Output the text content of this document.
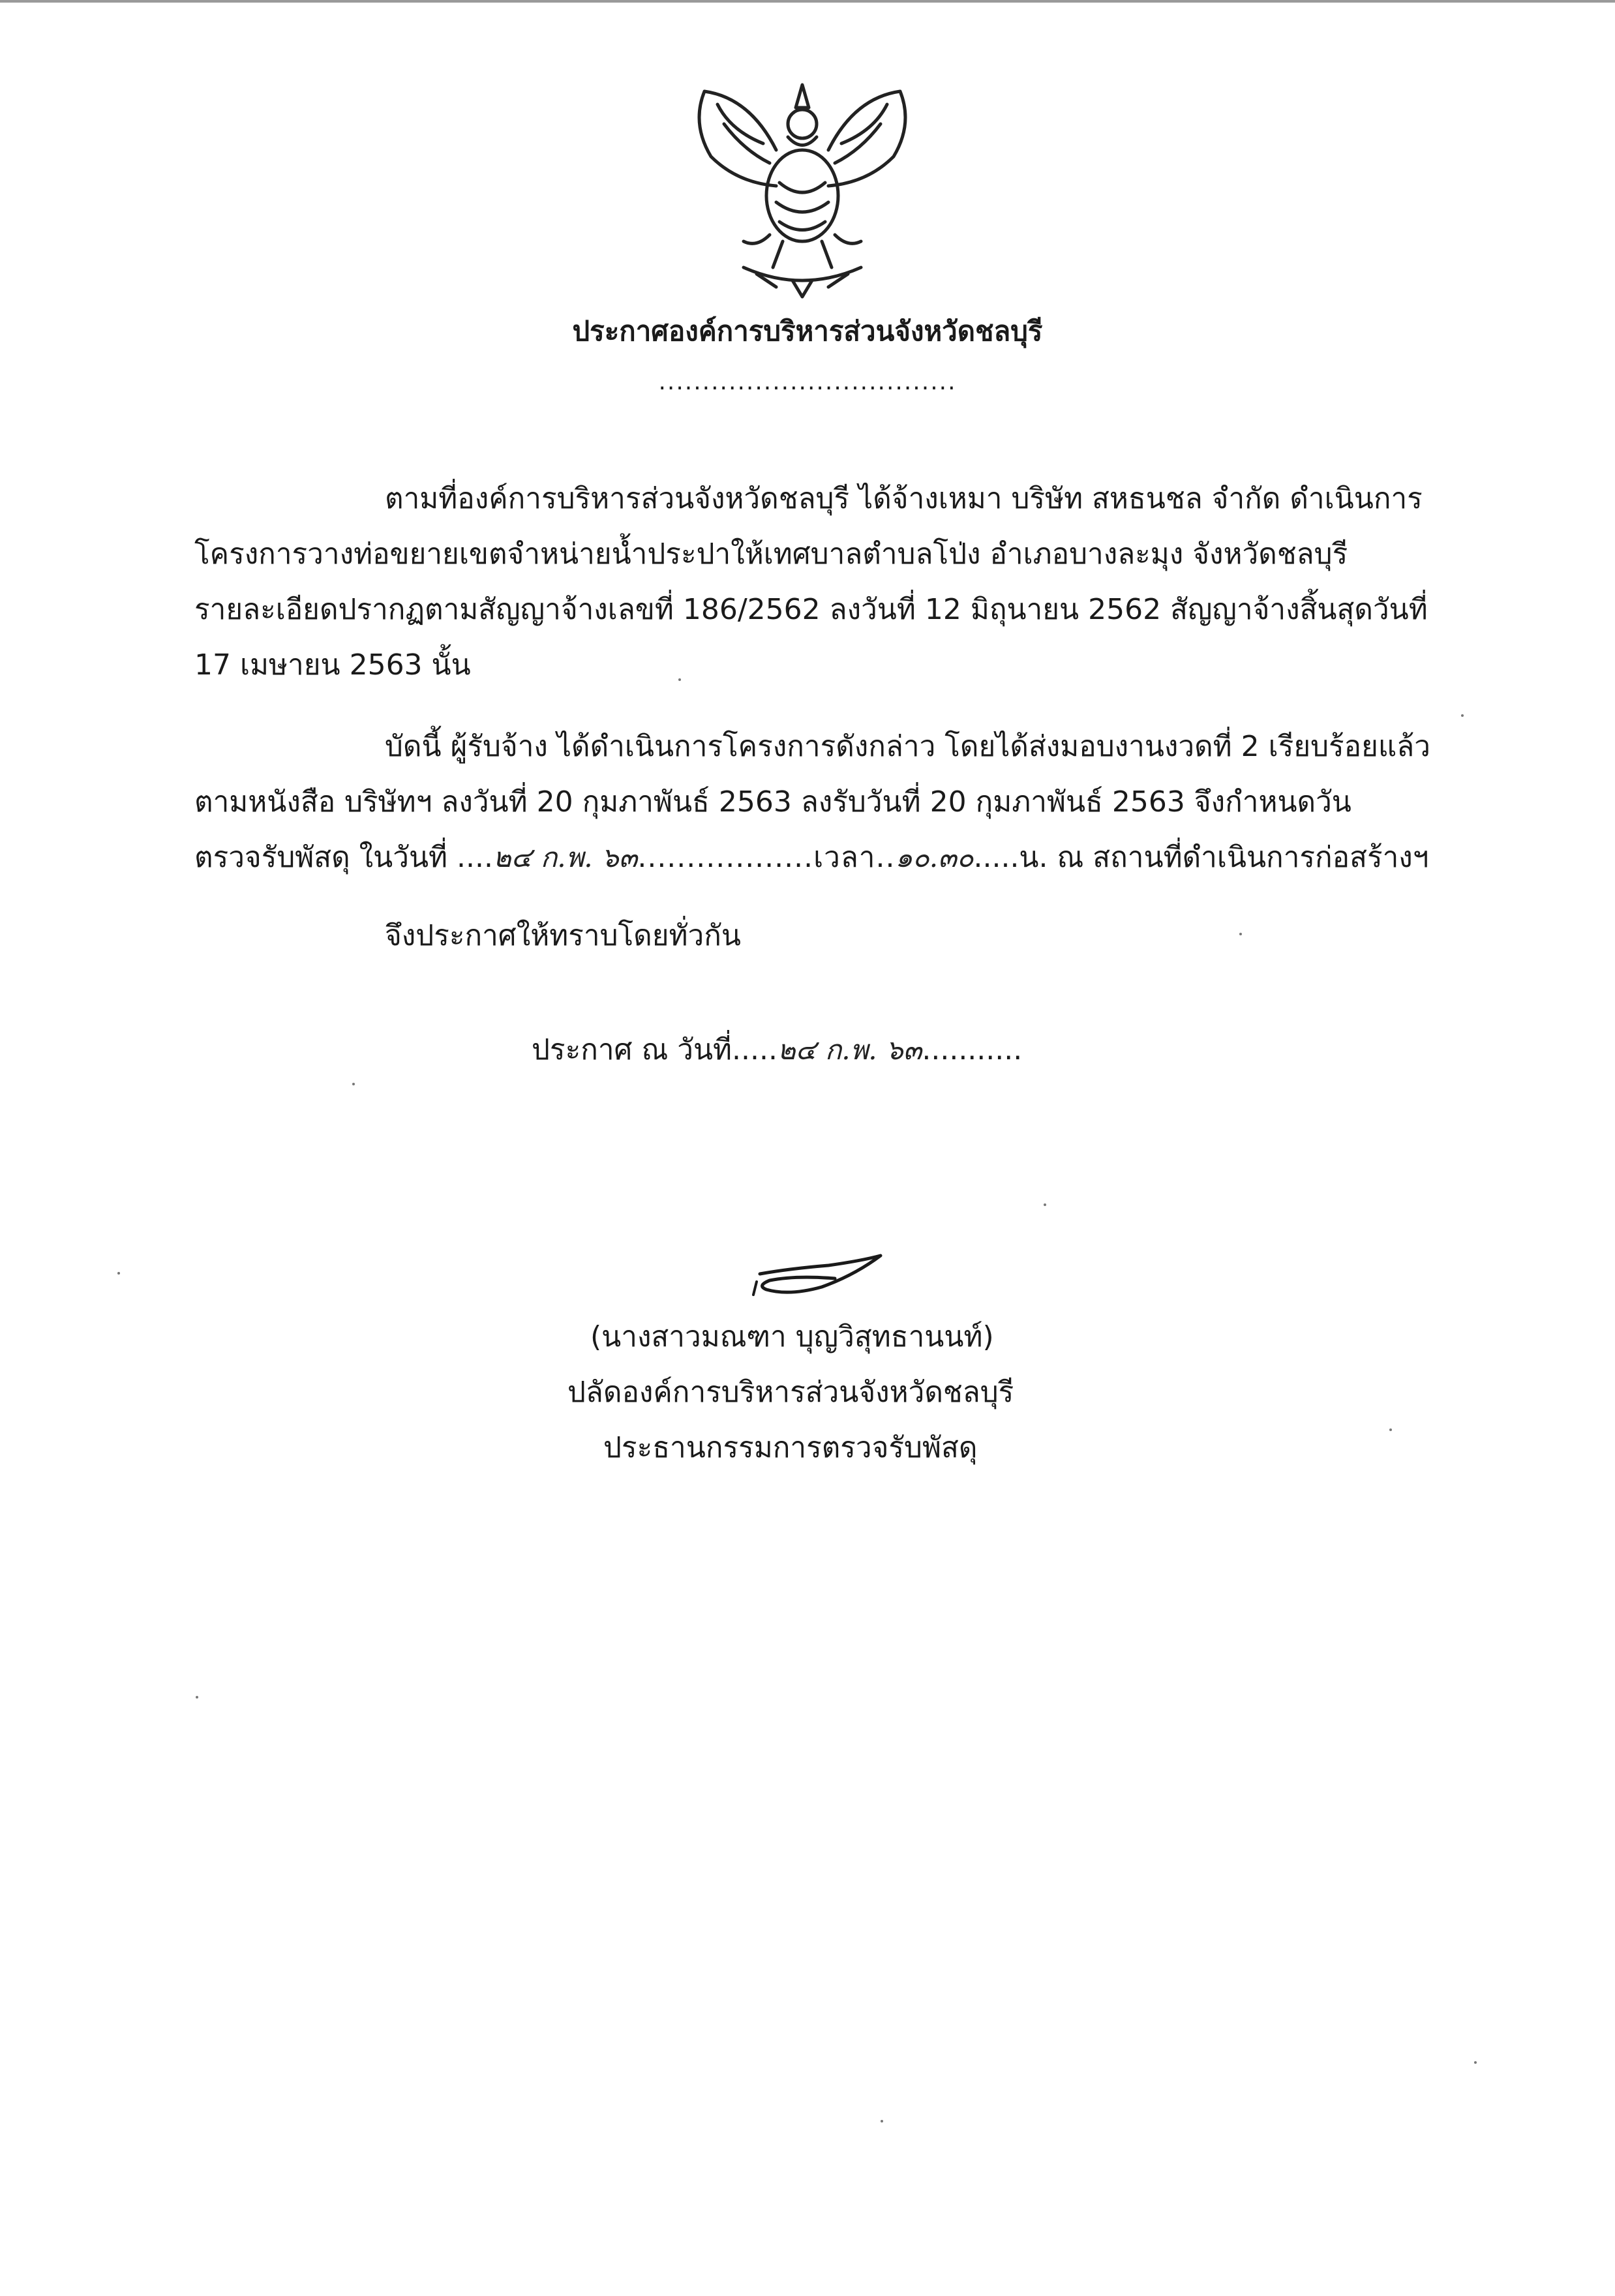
ประกาศองค์การบริหารส่วนจังหวัดชลบุรี
..................................
ตามที่องค์การบริหารส่วนจังหวัดชลบุรี ได้จ้างเหมา บริษัท สหธนชล จำกัด ดำเนินการ
โครงการวางท่อขยายเขตจำหน่ายน้ำประปาให้เทศบาลตำบลโป่ง อำเภอบางละมุง จังหวัดชลบุรี
รายละเอียดปรากฏตามสัญญาจ้างเลขที่ 186/2562 ลงวันที่ 12 มิถุนายน 2562 สัญญาจ้างสิ้นสุดวันที่
17 เมษายน 2563 นั้น
บัดนี้ ผู้รับจ้าง ได้ดำเนินการโครงการดังกล่าว โดยได้ส่งมอบงานงวดที่ 2 เรียบร้อยแล้ว
ตามหนังสือ บริษัทฯ ลงวันที่ 20 กุมภาพันธ์ 2563 ลงรับวันที่ 20 กุมภาพันธ์ 2563 จึงกำหนดวัน
ตรวจรับพัสดุ ในวันที่ ....๒๔ ก.พ. ๖๓..................เวลา..๑๐.๓๐.....น. ณ สถานที่ดำเนินการก่อสร้างฯ
จึงประกาศให้ทราบโดยทั่วกัน
ประกาศ ณ วันที่.....๒๔ ก.พ. ๖๓...........
(นางสาวมณฑา บุญวิสุทธานนท์)
ปลัดองค์การบริหารส่วนจังหวัดชลบุรี
ประธานกรรมการตรวจรับพัสดุ
